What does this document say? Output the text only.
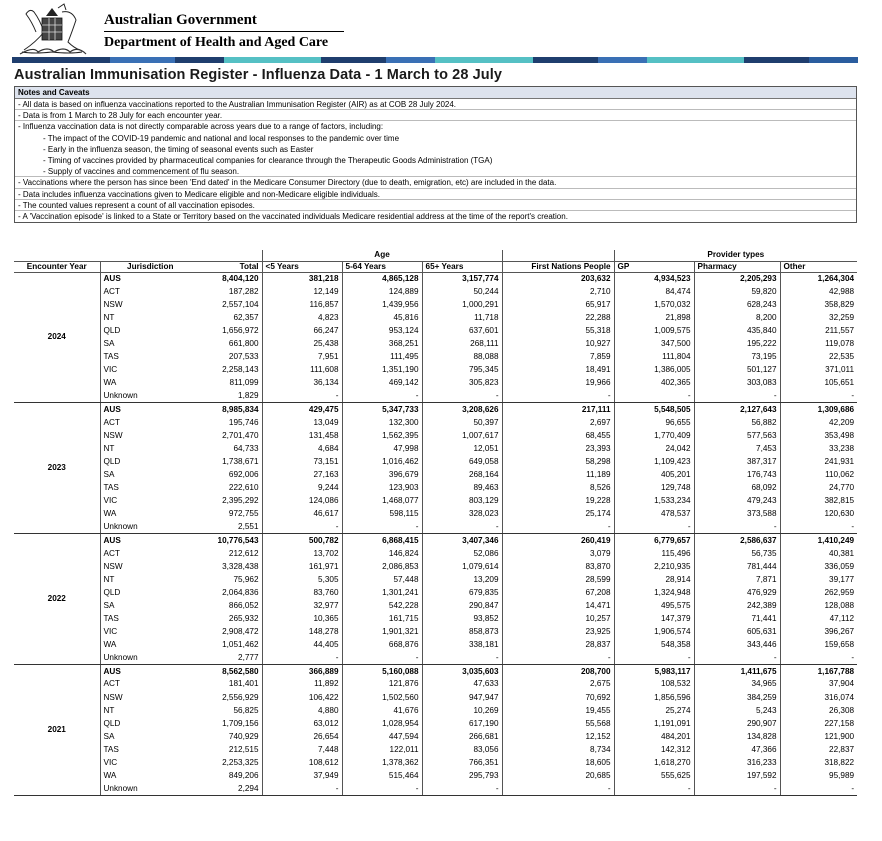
Australian Government
Department of Health and Aged Care
Australian Immunisation Register - Influenza Data - 1 March to 28 July
Notes and Caveats
- All data is based on influenza vaccinations reported to the Australian Immunisation Register (AIR) as at COB 28 July 2024.
- Data is from 1 March to 28 July for each encounter year.
- Influenza vaccination data is not directly comparable across years due to a range of factors, including:
- The impact of the COVID-19 pandemic and national and local responses to the pandemic over time
- Early in the influenza season, the timing of seasonal events such as Easter
- Timing of vaccines provided by pharmaceutical companies for clearance through the Therapeutic Goods Administration (TGA)
- Supply of vaccines and commencement of flu season.
- Vaccinations where the person has since been 'End dated' in the Medicare Consumer Directory (due to death, emigration, etc) are included in the data.
- Data includes influenza vaccinations given to Medicare eligible and non-Medicare eligible individuals.
- The counted values represent a count of all vaccination episodes.
- A 'Vaccination episode' is linked to a State or Territory based on the vaccinated individuals Medicare residential address at the time of the report's creation.
			Age				Provider types		
Encounter Year	Jurisdiction	Total	<5 Years	5-64 Years	65+ Years	First Nations People	GP	Pharmacy	Other
2024	AUS	8,404,120	381,218	4,865,128	3,157,774	203,632	4,934,523	2,205,293	1,264,304
	ACT	187,282	12,149	124,889	50,244	2,710	84,474	59,820	42,988
	NSW	2,557,104	116,857	1,439,956	1,000,291	65,917	1,570,032	628,243	358,829
	NT	62,357	4,823	45,816	11,718	22,288	21,898	8,200	32,259
	QLD	1,656,972	66,247	953,124	637,601	55,318	1,009,575	435,840	211,557
	SA	661,800	25,438	368,251	268,111	10,927	347,500	195,222	119,078
	TAS	207,533	7,951	111,495	88,088	7,859	111,804	73,195	22,535
	VIC	2,258,143	111,608	1,351,190	795,345	18,491	1,386,005	501,127	371,011
	WA	811,099	36,134	469,142	305,823	19,966	402,365	303,083	105,651
	Unknown	1,829	-	-	-	-	-	-	-
2023	AUS	8,985,834	429,475	5,347,733	3,208,626	217,111	5,548,505	2,127,643	1,309,686
	ACT	195,746	13,049	132,300	50,397	2,697	96,655	56,882	42,209
	NSW	2,701,470	131,458	1,562,395	1,007,617	68,455	1,770,409	577,563	353,498
	NT	64,733	4,684	47,998	12,051	23,393	24,042	7,453	33,238
	QLD	1,738,671	73,151	1,016,462	649,058	58,298	1,109,423	387,317	241,931
	SA	692,006	27,163	396,679	268,164	11,189	405,201	176,743	110,062
	TAS	222,610	9,244	123,903	89,463	8,526	129,748	68,092	24,770
	VIC	2,395,292	124,086	1,468,077	803,129	19,228	1,533,234	479,243	382,815
	WA	972,755	46,617	598,115	328,023	25,174	478,537	373,588	120,630
	Unknown	2,551	-	-	-	-	-	-	-
2022	AUS	10,776,543	500,782	6,868,415	3,407,346	260,419	6,779,657	2,586,637	1,410,249
	ACT	212,612	13,702	146,824	52,086	3,079	115,496	56,735	40,381
	NSW	3,328,438	161,971	2,086,853	1,079,614	83,870	2,210,935	781,444	336,059
	NT	75,962	5,305	57,448	13,209	28,599	28,914	7,871	39,177
	QLD	2,064,836	83,760	1,301,241	679,835	67,208	1,324,948	476,929	262,959
	SA	866,052	32,977	542,228	290,847	14,471	495,575	242,389	128,088
	TAS	265,932	10,365	161,715	93,852	10,257	147,379	71,441	47,112
	VIC	2,908,472	148,278	1,901,321	858,873	23,925	1,906,574	605,631	396,267
	WA	1,051,462	44,405	668,876	338,181	28,837	548,358	343,446	159,658
	Unknown	2,777	-	-	-	-	-	-	-
2021	AUS	8,562,580	366,889	5,160,088	3,035,603	208,700	5,983,117	1,411,675	1,167,788
	ACT	181,401	11,892	121,876	47,633	2,675	108,532	34,965	37,904
	NSW	2,556,929	106,422	1,502,560	947,947	70,692	1,856,596	384,259	316,074
	NT	56,825	4,880	41,676	10,269	19,455	25,274	5,243	26,308
	QLD	1,709,156	63,012	1,028,954	617,190	55,568	1,191,091	290,907	227,158
	SA	740,929	26,654	447,594	266,681	12,152	484,201	134,828	121,900
	TAS	212,515	7,448	122,011	83,056	8,734	142,312	47,366	22,837
	VIC	2,253,325	108,612	1,378,362	766,351	18,605	1,618,270	316,233	318,822
	WA	849,206	37,949	515,464	295,793	20,685	555,625	197,592	95,989
	Unknown	2,294	-	-	-	-	-	-	-
